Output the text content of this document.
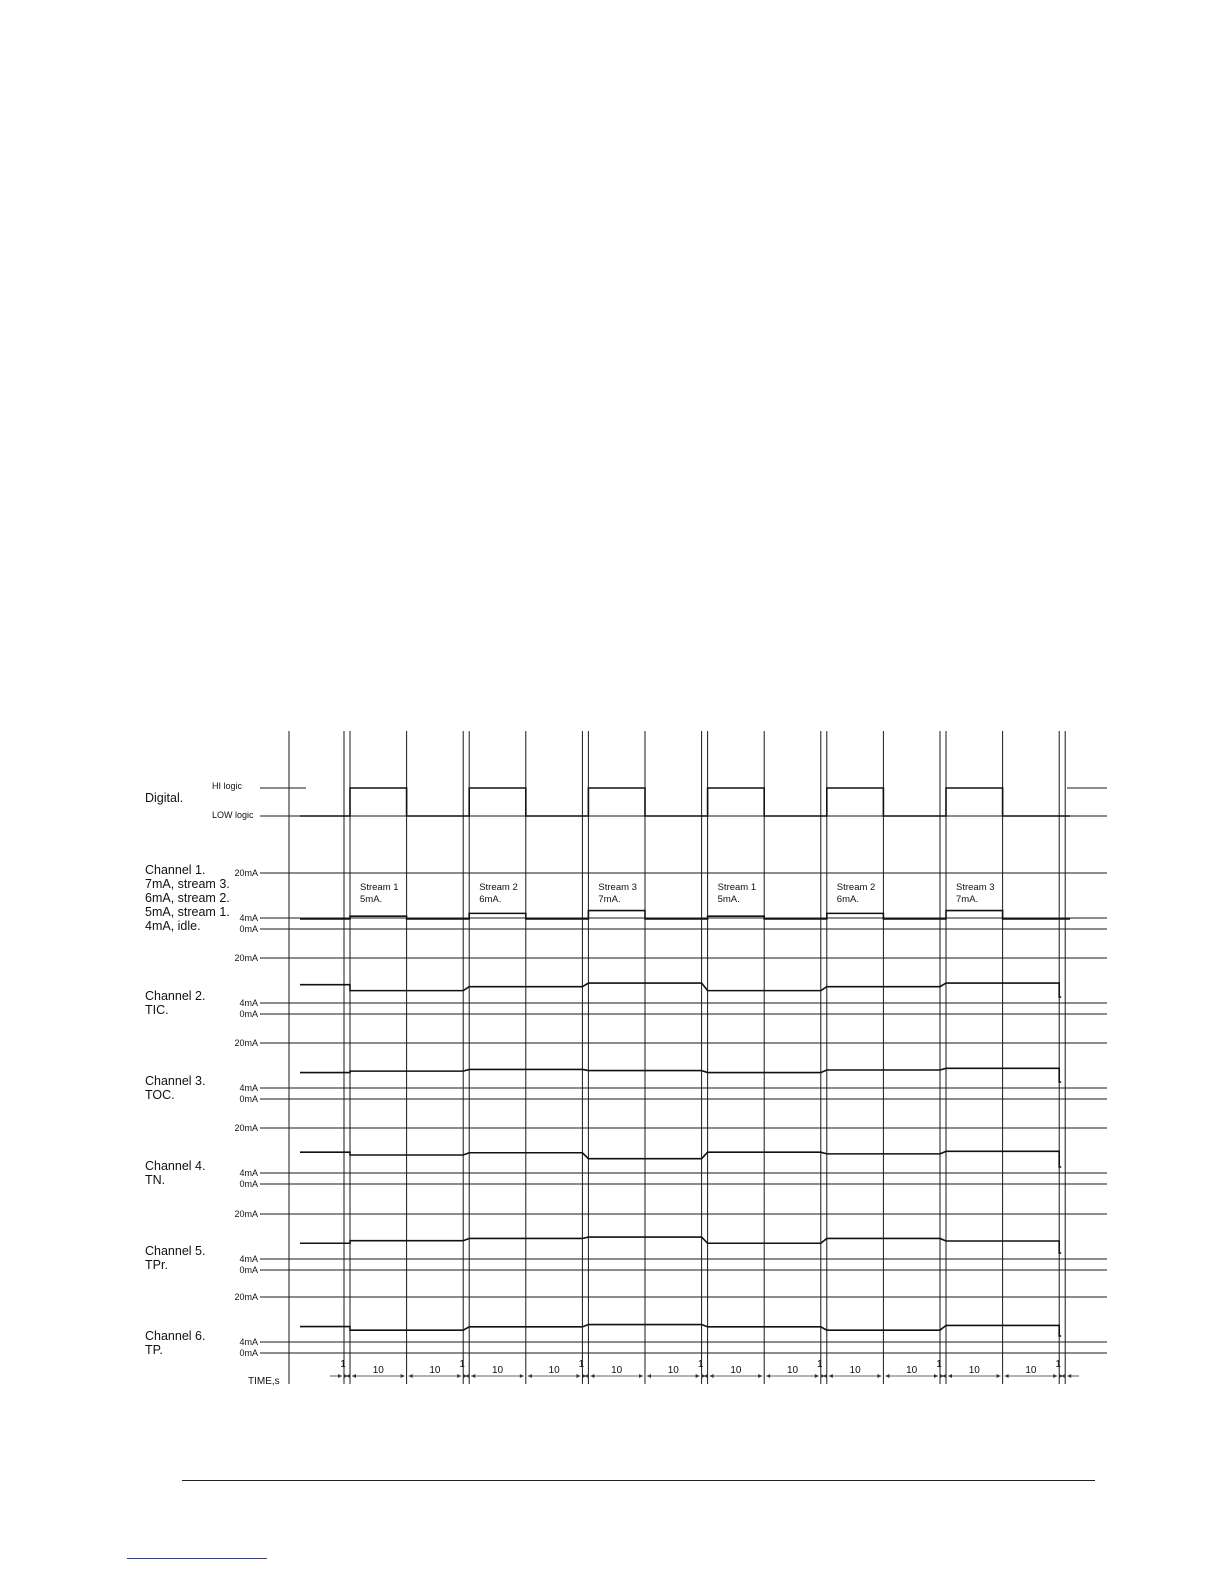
Digital.
HI logic
LOW logic
Channel 1.
7mA, stream 3.
6mA, stream 2.
5mA, stream 1.
4mA, idle.
20mA
4mA
0mA
Stream 1
5mA.
Stream 2
6mA.
Stream 3
7mA.
Stream 1
5mA.
Stream 2
6mA.
Stream 3
7mA.
Channel 2.
TIC.
Channel 3.
TOC.
Channel 4.
TN.
Channel 5.
TPr.
Channel 6.
TP.
20mA
4mA
0mA
20mA
4mA
0mA
20mA
4mA
0mA
20mA
4mA
0mA
20mA
4mA
0mA
TIME,s
1
10	10
1
10	10
1
10	10
1
10	10
1
10	10
1
10	10
1
